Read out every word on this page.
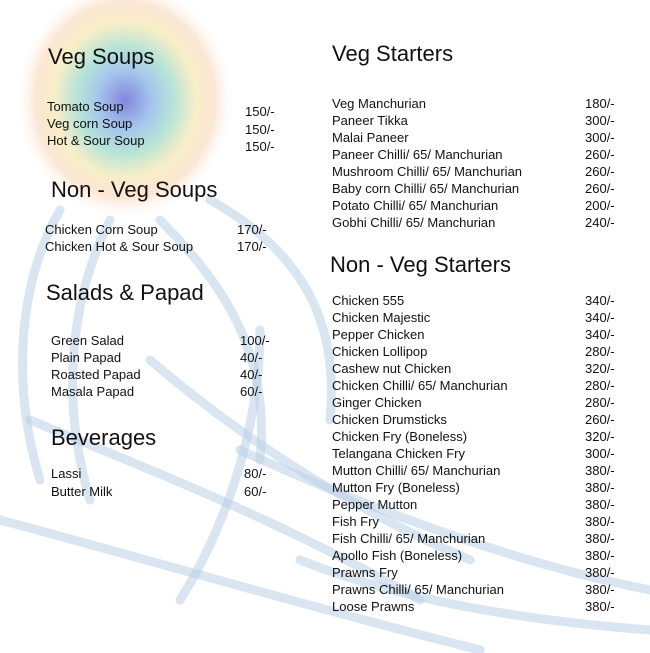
Veg Soups
Tomato Soup	150/-
Veg corn Soup	150/-
Hot & Sour Soup	150/-
Non - Veg Soups
Chicken Corn Soup	170/-
Chicken Hot & Sour Soup	170/-
Salads & Papad
Green Salad	100/-
Plain Papad	40/-
Roasted Papad	40/-
Masala Papad	60/-
Beverages
Lassi	80/-
Butter Milk	60/-
Veg Starters
Veg Manchurian	180/-
Paneer Tikka	300/-
Malai Paneer	300/-
Paneer Chilli/ 65/ Manchurian	260/-
Mushroom Chilli/ 65/ Manchurian	260/-
Baby corn Chilli/ 65/ Manchurian	260/-
Potato Chilli/ 65/ Manchurian	200/-
Gobhi Chilli/ 65/ Manchurian	240/-
Non - Veg Starters
Chicken 555	340/-
Chicken Majestic	340/-
Pepper Chicken	340/-
Chicken Lollipop	280/-
Cashew nut Chicken	320/-
Chicken Chilli/ 65/ Manchurian	280/-
Ginger Chicken	280/-
Chicken Drumsticks	260/-
Chicken Fry (Boneless)	320/-
Telangana Chicken Fry	300/-
Mutton Chilli/ 65/ Manchurian	380/-
Mutton Fry (Boneless)	380/-
Pepper Mutton	380/-
Fish Fry	380/-
Fish Chilli/ 65/ Manchurian	380/-
Apollo Fish (Boneless)	380/-
Prawns Fry	380/-
Prawns Chilli/ 65/ Manchurian	380/-
Loose Prawns	380/-
